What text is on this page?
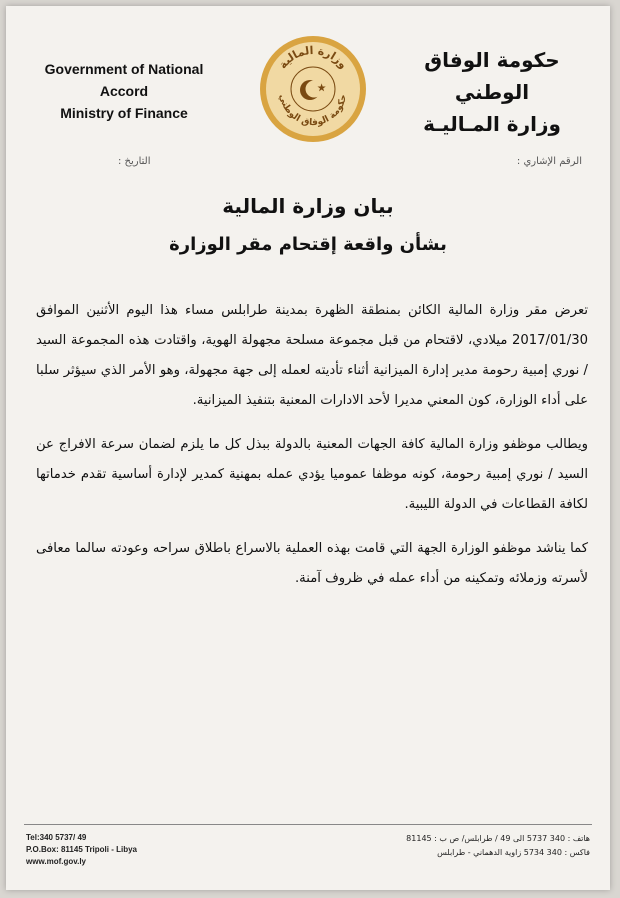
Government of National Accord
Ministry of Finance
وزارة المالية
حكومة الوفاق الوطني
حكومة الوفاق الوطني
وزارة المـاليـة
التاريخ :	الرقم الإشاري :
بيان وزارة المالية
بشأن واقعة إقتحام مقر الوزارة

تعرض مقر وزارة المالية الكائن بمنطقة الظهرة بمدينة طرابلس مساء هذا اليوم الأثنين الموافق 2017/01/30 ميلادي، لاقتحام من قبل مجموعة مسلحة مجهولة الهوية، واقتادت هذه المجموعة السيد / نوري إمبية رحومة مدير إدارة الميزانية أثناء تأديته لعمله إلى جهة مجهولة، وهو الأمر الذي سيؤثر سلبا على أداء الوزارة، كون المعني مديرا لأحد الادارات المعنية بتنفيذ الميزانية.

ويطالب موظفو وزارة المالية كافة الجهات المعنية بالدولة ببذل كل ما يلزم لضمان سرعة الافراج عن السيد / نوري إمبية رحومة، كونه موظفا عموميا يؤدي عمله بمهنية كمدير لإدارة أساسية تقدم خدماتها لكافة القطاعات في الدولة الليبية.

كما يناشد موظفو الوزارة الجهة التي قامت بهذه العملية بالاسراع باطلاق سراحه وعودته سالما معافى لأسرته وزملائه وتمكينه من أداء عمله في ظروف آمنة.

Tel:340 5737/ 49
P.O.Box: 81145 Tripoli - Libya
www.mof.gov.ly
هاتف : 340 5737 الى 49 / طرابلس/ ص ب : 81145
فاكس : 340 5734 زاوية الدهماني - طرابلس
